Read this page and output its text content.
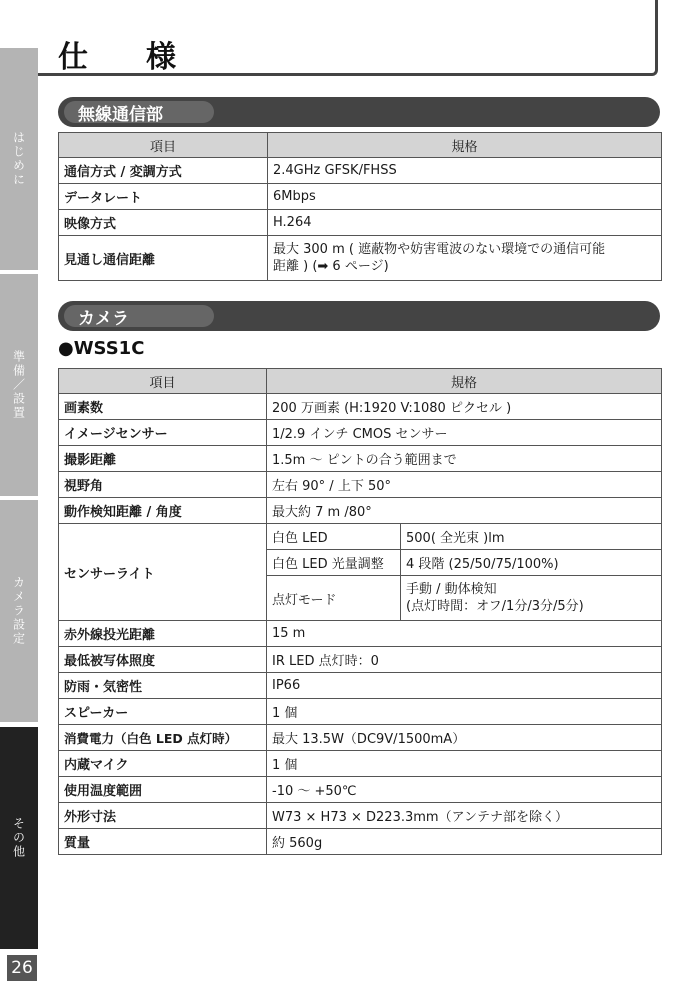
はじめに
準備／設置
カメラ設定
その他
26
仕　様
無線通信部
項目	規格
通信方式 / 変調方式	2.4GHz GFSK/FHSS
データレート	6Mbps
映像方式	H.264
見通し通信距離	最大 300 m ( 遮蔽物や妨害電波のない環境での通信可能
距離 ) (➡ 6 ページ)
カメラ
●WSS1C
項目	規格	
画素数	200 万画素 (H:1920 V:1080 ピクセル )	
イメージセンサー	1/2.9 インチ CMOS センサー	
撮影距離	1.5m 〜 ピントの合う範囲まで	
視野角	左右 90° / 上下 50°	
動作検知距離 / 角度	最大約 7 m /80°	
センサーライト	白色 LED	500( 全光束 )lm
	白色 LED 光量調整	4 段階 (25/50/75/100%)
	点灯モード	手動 / 動体検知
(点灯時間：オフ/1分/3分/5分)
赤外線投光距離	15 m	
最低被写体照度	IR LED 点灯時：0	
防雨・気密性	IP66	
スピーカー	1 個	
消費電力（白色 LED 点灯時）	最大 13.5W（DC9V/1500mA）	
内蔵マイク	1 個	
使用温度範囲	-10 〜 +50℃	
外形寸法	W73 × H73 × D223.3mm（アンテナ部を除く）	
質量	約 560g	
